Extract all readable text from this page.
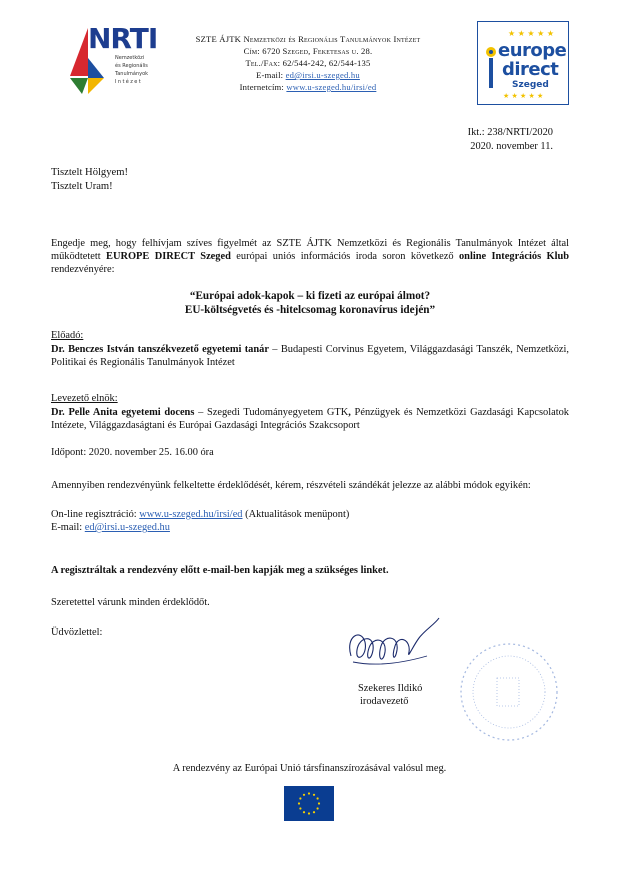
NRTI
Nemzetközi
és Regionális
Tanulmányok
Intézet
SZTE ÁJTK Nemzetközi és Regionális Tanulmányok Intézet
Cím: 6720 Szeged, Feketesas u. 28.
Tel./Fax: 62/544-242, 62/544-135
E-mail: ed@irsi.u-szeged.hu
Internetcím: www.u-szeged.hu/irsi/ed
★ ★ ★ ★ ★
★ ★ ★ ★ ★
europe
direct
Szeged
Ikt.: 238/NRTI/2020
2020. november 11.
Tisztelt Hölgyem!
Tisztelt Uram!
Engedje meg, hogy felhívjam szíves figyelmét az SZTE ÁJTK Nemzetközi és Regionális Tanulmányok Intézet által működtetett EUROPE DIRECT Szeged európai uniós információs iroda soron következő online Integrációs Klub rendezvényére:
“Európai adok-kapok – ki fizeti az európai álmot?
EU-költségvetés és -hitelcsomag koronavírus idején”
Előadó:
Dr. Benczes István tanszékvezető egyetemi tanár – Budapesti Corvinus Egyetem, Világgazdasági Tanszék, Nemzetközi, Politikai és Regionális Tanulmányok Intézet
Levezető elnök:
Dr. Pelle Anita egyetemi docens – Szegedi Tudományegyetem GTK, Pénzügyek és Nemzetközi Gazdasági Kapcsolatok Intézete, Világgazdaságtani és Európai Gazdasági Integrációs Szakcsoport
Időpont: 2020. november 25. 16.00 óra
Amennyiben rendezvényünk felkeltette érdeklődését, kérem, részvételi szándékát jelezze az alábbi módok egyikén:
On-line regisztráció: www.u-szeged.hu/irsi/ed (Aktualitások menüpont)
E-mail: ed@irsi.u-szeged.hu
A regisztráltak a rendezvény előtt e-mail-ben kapják meg a szükséges linket.
Szeretettel várunk minden érdeklődőt.
Üdvözlettel:
Szekeres Ildikó
irodavezető
A rendezvény az Európai Unió társfinanszírozásával valósul meg.
